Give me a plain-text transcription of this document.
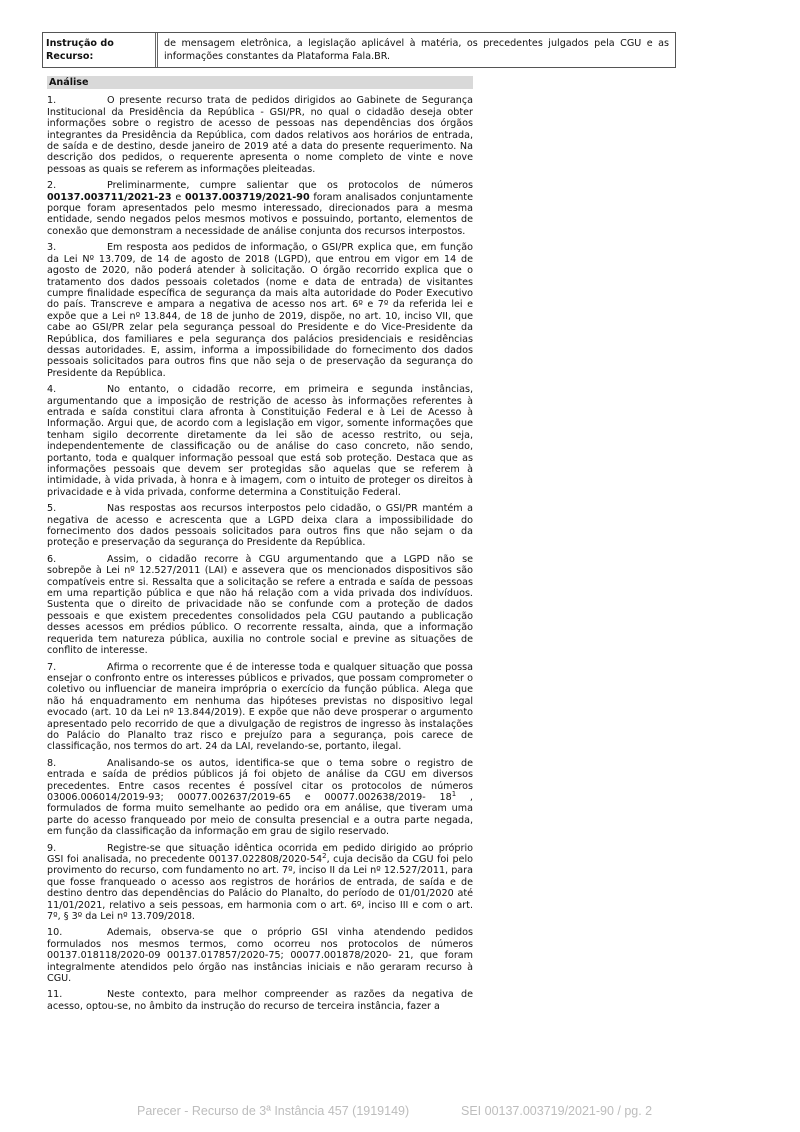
Instrução do Recurso:
de mensagem eletrônica, a legislação aplicável à matéria, os precedentes julgados pela CGU e as informações constantes da Plataforma Fala.BR.
Análise

1.	O presente recurso trata de pedidos dirigidos ao Gabinete de Segurança Institucional da Presidência da República - GSI/PR, no qual o cidadão deseja obter informações sobre o registro de acesso de pessoas nas dependências dos órgãos integrantes da Presidência da República, com dados relativos aos horários de entrada, de saída e de destino, desde janeiro de 2019 até a data do presente requerimento. Na descrição dos pedidos, o requerente apresenta o nome completo de vinte e nove pessoas as quais se referem as informações pleiteadas.

2.	Preliminarmente, cumpre salientar que os protocolos de números 00137.003711/2021-23 e 00137.003719/2021-90 foram analisados conjuntamente porque foram apresentados pelo mesmo interessado, direcionados para a mesma entidade, sendo negados pelos mesmos motivos e possuindo, portanto, elementos de conexão que demonstram a necessidade de análise conjunta dos recursos interpostos.

3.	Em resposta aos pedidos de informação, o GSI/PR explica que, em função da Lei Nº 13.709, de 14 de agosto de 2018 (LGPD), que entrou em vigor em 14 de agosto de 2020, não poderá atender à solicitação. O órgão recorrido explica que o tratamento dos dados pessoais coletados (nome e data de entrada) de visitantes cumpre finalidade específica de segurança da mais alta autoridade do Poder Executivo do país. Transcreve e ampara a negativa de acesso nos art. 6º e 7º da referida lei e expõe que a Lei nº 13.844, de 18 de junho de 2019, dispõe, no art. 10, inciso VII, que cabe ao GSI/PR zelar pela segurança pessoal do Presidente e do Vice-Presidente da República, dos familiares e pela segurança dos palácios presidenciais e residências dessas autoridades. E, assim, informa a impossibilidade do fornecimento dos dados pessoais solicitados para outros fins que não seja o de preservação da segurança do Presidente da República.

4.	No entanto, o cidadão recorre, em primeira e segunda instâncias, argumentando que a imposição de restrição de acesso às informações referentes à entrada e saída constitui clara afronta à Constituição Federal e à Lei de Acesso à Informação. Argui que, de acordo com a legislação em vigor, somente informações que tenham sigilo decorrente diretamente da lei são de acesso restrito, ou seja, independentemente de classificação ou de análise do caso concreto, não sendo, portanto, toda e qualquer informação pessoal que está sob proteção. Destaca que as informações pessoais que devem ser protegidas são aquelas que se referem à intimidade, à vida privada, à honra e à imagem, com o intuito de proteger os direitos à privacidade e à vida privada, conforme determina a Constituição Federal.

5.	Nas respostas aos recursos interpostos pelo cidadão, o GSI/PR mantém a negativa de acesso e acrescenta que a LGPD deixa clara a impossibilidade do fornecimento dos dados pessoais solicitados para outros fins que não sejam o da proteção e preservação da segurança do Presidente da República.

6.	Assim, o cidadão recorre à CGU argumentando que a LGPD não se sobrepõe à Lei nº 12.527/2011 (LAI) e assevera que os mencionados dispositivos são compatíveis entre si. Ressalta que a solicitação se refere a entrada e saída de pessoas em uma repartição pública e que não há relação com a vida privada dos indivíduos. Sustenta que o direito de privacidade não se confunde com a proteção de dados pessoais e que existem precedentes consolidados pela CGU pautando a publicação desses acessos em prédios público. O recorrente ressalta, ainda, que a informação requerida tem natureza pública, auxilia no controle social e previne as situações de conflito de interesse.

7.	Afirma o recorrente que é de interesse toda e qualquer situação que possa ensejar o confronto entre os interesses públicos e privados, que possam comprometer o coletivo ou influenciar de maneira imprópria o exercício da função pública. Alega que não há enquadramento em nenhuma das hipóteses previstas no dispositivo legal evocado (art. 10 da Lei nº 13.844/2019). E expõe que não deve prosperar o argumento apresentado pelo recorrido de que a divulgação de registros de ingresso às instalações do Palácio do Planalto traz risco e prejuízo para a segurança, pois carece de classificação, nos termos do art. 24 da LAI, revelando-se, portanto, ilegal.

8.	Analisando-se os autos, identifica-se que o tema sobre o registro de entrada e saída de prédios públicos já foi objeto de análise da CGU em diversos precedentes. Entre casos recentes é possível citar os protocolos de números 03006.006014/2019-93; 00077.002637/2019-65 e 00077.002638/2019- $18^1$ , formulados de forma muito semelhante ao pedido ora em análise, que tiveram uma parte do acesso franqueado por meio de consulta presencial e a outra parte negada, em função da classificação da informação em grau de sigilo reservado.

9.	Registre-se que situação idêntica ocorrida em pedido dirigido ao próprio GSI foi analisada, no precedente $00137.022808/2020-54^2$, cuja decisão da CGU foi pelo provimento do recurso, com fundamento no art. 7º, inciso II da Lei nº 12.527/2011, para que fosse franqueado o acesso aos registros de horários de entrada, de saída e de destino dentro das dependências do Palácio do Planalto, do período de 01/01/2020 até 11/01/2021, relativo a seis pessoas, em harmonia com o art. 6º, inciso III e com o art. 7º, § 3º da Lei nº 13.709/2018.

10.	Ademais, observa-se que o próprio GSI vinha atendendo pedidos formulados nos mesmos termos, como ocorreu nos protocolos de números 00137.018118/2020-09 00137.017857/2020-75; 00077.001878/2020- 21, que foram integralmente atendidos pelo órgão nas instâncias iniciais e não geraram recurso à CGU.

11.	Neste contexto, para melhor compreender as razões da negativa de acesso, optou-se, no âmbito da instrução do recurso de terceira instância, fazer a

Parecer - Recurso de 3ª Instância 457 (1919149)	SEI 00137.003719/2021-90 / pg. 2
